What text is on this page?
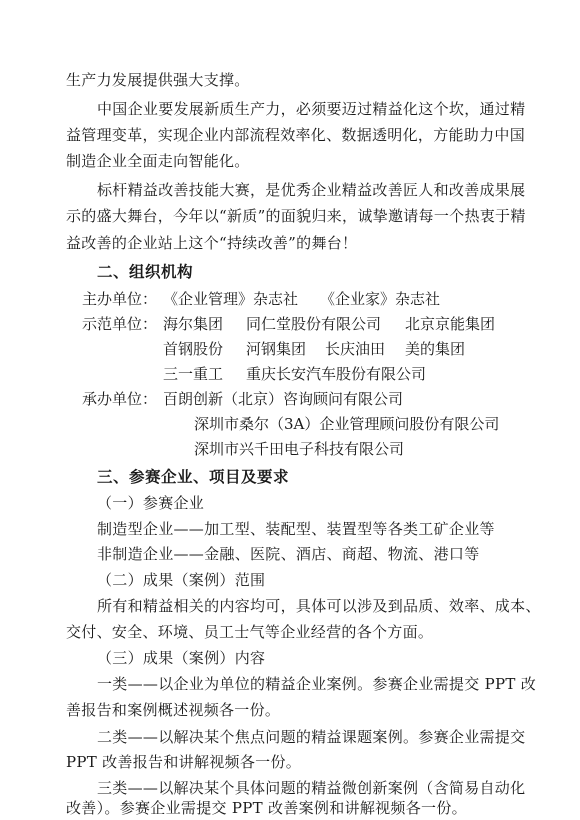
生产力发展提供强大支撑。
中国企业要发展新质生产力，必须要迈过精益化这个坎，通过精
益管理变革，实现企业内部流程效率化、数据透明化，方能助力中国
制造企业全面走向智能化。
标杆精益改善技能大赛，是优秀企业精益改善匠人和改善成果展
示的盛大舞台，今年以“新质”的面貌归来，诚挚邀请每一个热衷于精
益改善的企业站上这个“持续改善”的舞台！
二、组织机构
主办单位： 《企业管理》杂志社 《企业家》杂志社
示范单位： 海尔集团 同仁堂股份有限公司 北京京能集团
首钢股份 河钢集团 长庆油田 美的集团
三一重工 重庆长安汽车股份有限公司
承办单位： 百朗创新（北京）咨询顾问有限公司
深圳市桑尔（3A）企业管理顾问股份有限公司
深圳市兴千田电子科技有限公司
三、参赛企业、项目及要求
（一）参赛企业
制造型企业——加工型、装配型、装置型等各类工矿企业等
非制造企业——金融、医院、酒店、商超、物流、港口等
（二）成果（案例）范围
所有和精益相关的内容均可，具体可以涉及到品质、效率、成本、
交付、安全、环境、员工士气等企业经营的各个方面。
（三）成果（案例）内容
一类——以企业为单位的精益企业案例。参赛企业需提交 PPT 改
善报告和案例概述视频各一份。
二类——以解决某个焦点问题的精益课题案例。参赛企业需提交
PPT 改善报告和讲解视频各一份。
三类——以解决某个具体问题的精益微创新案例（含简易自动化
改善）。参赛企业需提交 PPT 改善案例和讲解视频各一份。
